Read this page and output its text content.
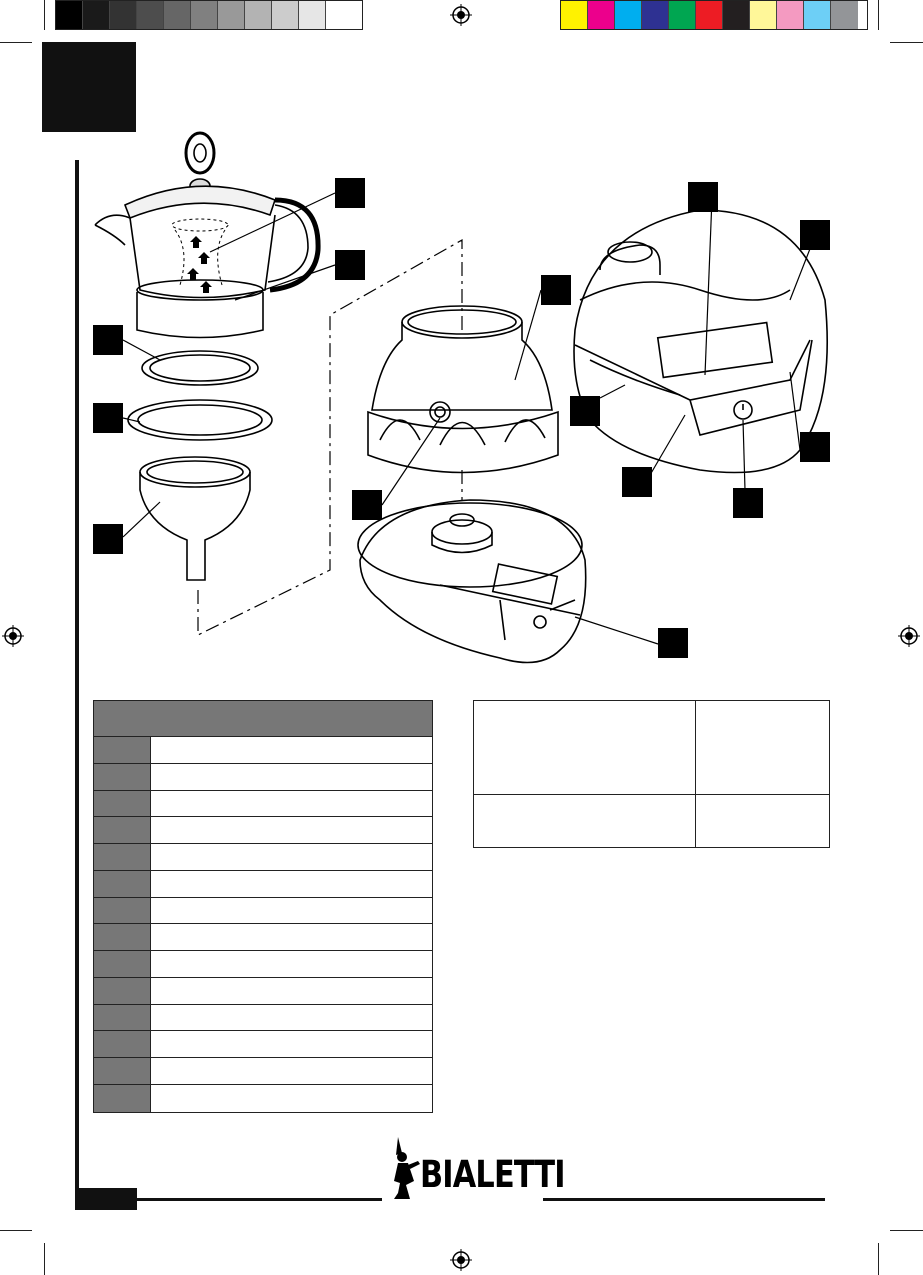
BIALETTI
